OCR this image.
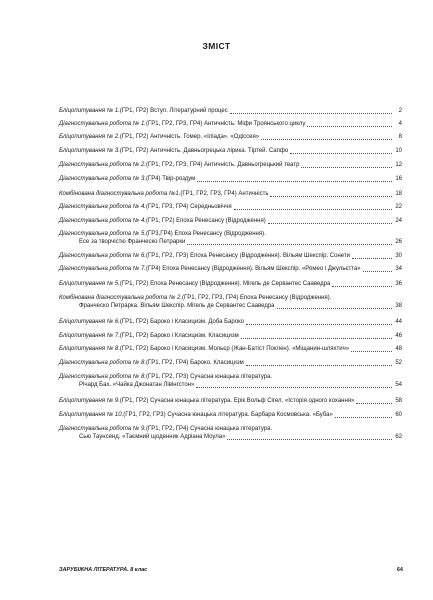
ЗМІСТ
Бліцопитування № 1. (ГР1, ГР2) Вступ. Літературний процес	2
Діагностувальна робота № 1. (ГР1, ГР2, ГР3, ГР4) Античність. Міфи Троянського циклу	4
Бліцопитування № 2. (ГР1, ГР2) Античність. Гомер. «Іліада». «Одіссея»	8
Бліцопитування № 3. (ГР1, ГР2) Античність. Давньогрецька лірика. Тіртей. Сапфо	10
Діагностувальна робота № 2. (ГР1, ГР2, ГР3, ГР4) Античність. Давньогрецький театр	12
Діагностувальна робота № 3. (ГР4) Твір-роздум	16
Комбінована діагностувальна робота №1. (ГР1, ГР2, ГР3, ГР4) Античність	18
Діагностувальна робота № 4. (ГР1, ГР3, ГР4) Середньовіччя	22
Діагностувальна робота № 4. (ГР1, ГР2) Епоха Ренесансу (Відродження)	24
Діагностувальна робота № 5. (ГР3,ГР4) Епоха Ренесансу (Відродження).
Есе за творчістю Франческо Петрарки	26
Діагностувальна робота № 6. (ГР1, ГР2, ГР3) Епоха Ренесансу (Відродження). Вільям Шекспір. Сонети	30
Діагностувальна робота № 7. (ГР4) Епоха Ренесансу (Відродження). Вільям Шекспір. «Ромео і Джульєтта»	34
Бліцопитування № 5. (ГР1, ГР2) Епоха Ренесансу (Відродження). Мігель де Сервантес Сааведра	36
Комбінована діагностувальна робота № 2. (ГР1, ГР2, ГР3, ГР4) Епоха Ренесансу (Відродження).
Франческо Петрарка. Вільям Шекспір. Мігель де Сервантес Сааведра	38
Бліцопитування № 6. (ГР1, ГР2) Бароко і Класицизм. Доба Бароко	44
Бліцопитування № 7. (ГР1, ГР2) Бароко і Класицизм. Класицизм	46
Бліцопитування № 8. (ГР1, ГР2) Бароко і Класицизм. Мольєр (Жан-Батіст Поклен). «Міщанин-шляхтич»	48
Діагностувальна робота № 8. (ГР1, ГР2, ГР4) Бароко. Класицизм	52
Діагностувальна робота № 8. (ГР1, ГР2, ГР3) Сучасна юнацька література.
Річард Бах. «Чайка Джонатан Лівінгстон»	54
Бліцопитування № 9. (ГР1, ГР2) Сучасна юнацька література. Ерік Вольф Сігел. «Історія одного кохання»	58
Бліцопитування № 10. (ГР1, ГР2, ГР3) Сучасна юнацька література. Барбара Космовська. «Буба»	60
Діагностувальна робота № 9. (ГР1, ГР2, ГР4) Сучасна юнацька література.
Сью Таунсенд. «Таємний щоденник Адріана Моула»	62
ЗАРУБІЖНА ЛІТЕРАТУРА. 8 клас	64
